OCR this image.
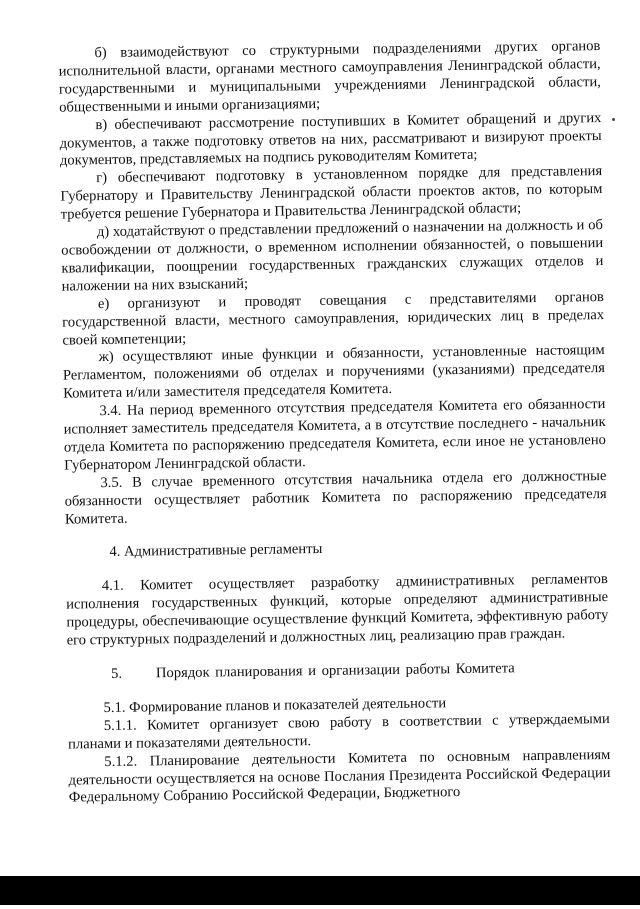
б) взаимодействуют со структурными подразделениями других органов исполнительной власти, органами местного самоуправления Ленинградской области, государственными и муниципальными учреждениями Ленинградской области, общественными и иными организациями;

в) обеспечивают рассмотрение поступивших в Комитет обращений и других документов, а также подготовку ответов на них, рассматривают и визируют проекты документов, представляемых на подпись руководителям Комитета;

г) обеспечивают подготовку в установленном порядке для представления Губернатору и Правительству Ленинградской области проектов актов, по которым требуется решение Губернатора и Правительства Ленинградской области;

д) ходатайствуют о представлении предложений о назначении на должность и об освобождении от должности, о временном исполнении обязанностей, о повышении квалификации, поощрении государственных гражданских служащих отделов и наложении на них взысканий;

е) организуют и проводят совещания с представителями органов государственной власти, местного самоуправления, юридических лиц в пределах своей компетенции;

ж) осуществляют иные функции и обязанности, установленные настоящим Регламентом, положениями об отделах и поручениями (указаниями) председателя Комитета и/или заместителя председателя Комитета.

3.4. На период временного отсутствия председателя Комитета его обязанности исполняет заместитель председателя Комитета, а в отсутствие последнего - начальник отдела Комитета по распоряжению председателя Комитета, если иное не установлено Губернатором Ленинградской области.

3.5. В случае временного отсутствия начальника отдела его должностные обязанности осуществляет работник Комитета по распоряжению председателя Комитета.

4. Административные регламенты

4.1. Комитет осуществляет разработку административных регламентов исполнения государственных функций, которые определяют административные процедуры, обеспечивающие осуществление функций Комитета, эффективную работу его структурных подразделений и должностных лиц, реализацию прав граждан.

5. Порядок планирования и организации работы Комитета

5.1. Формирование планов и показателей деятельности

5.1.1. Комитет организует свою работу в соответствии с утверждаемыми планами и показателями деятельности.

5.1.2. Планирование деятельности Комитета по основным направлениям деятельности осуществляется на основе Послания Президента Российской Федерации Федеральному Собранию Российской Федерации, Бюджетного
